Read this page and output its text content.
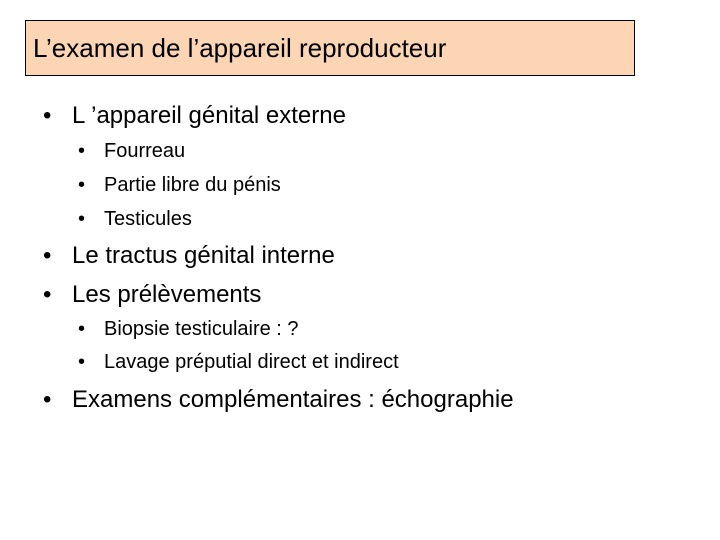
L’examen de l’appareil reproducteur
• L ’appareil génital externe
• Fourreau
• Partie libre du pénis
• Testicules
• Le tractus génital interne
• Les prélèvements
• Biopsie testiculaire : ?
• Lavage préputial direct et indirect
• Examens complémentaires : échographie
